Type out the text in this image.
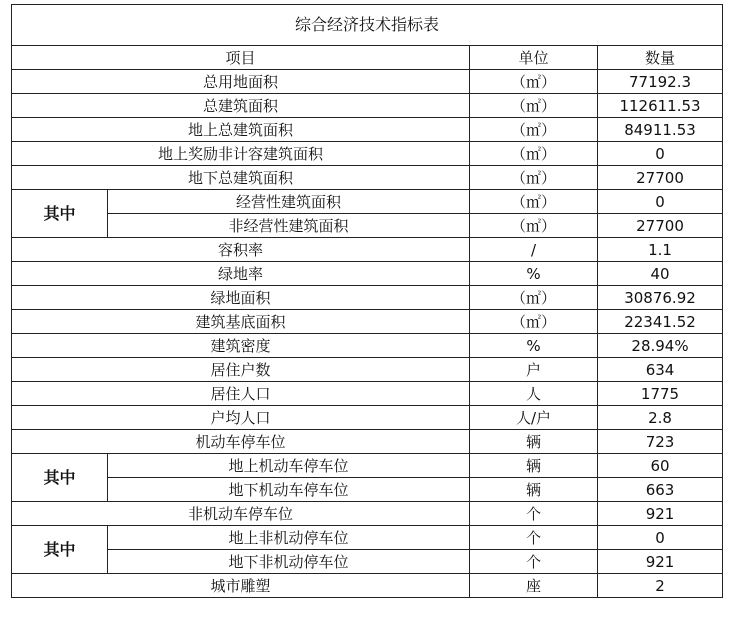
综合经济技术指标表			
项目		单位	数量
总用地面积		（㎡）	77192.3
总建筑面积		（㎡）	112611.53
地上总建筑面积		（㎡）	84911.53
地上奖励非计容建筑面积		（㎡）	0
地下总建筑面积		（㎡）	27700
其中	经营性建筑面积	（㎡）	0
	非经营性建筑面积	（㎡）	27700
容积率		/	1.1
绿地率		%	40
绿地面积		（㎡）	30876.92
建筑基底面积		（㎡）	22341.52
建筑密度		%	28.94%
居住户数		户	634
居住人口		人	1775
户均人口		人/户	2.8
机动车停车位		辆	723
其中	地上机动车停车位	辆	60
	地下机动车停车位	辆	663
非机动车停车位		个	921
其中	地上非机动停车位	个	0
	地下非机动停车位	个	921
城市雕塑		座	2
